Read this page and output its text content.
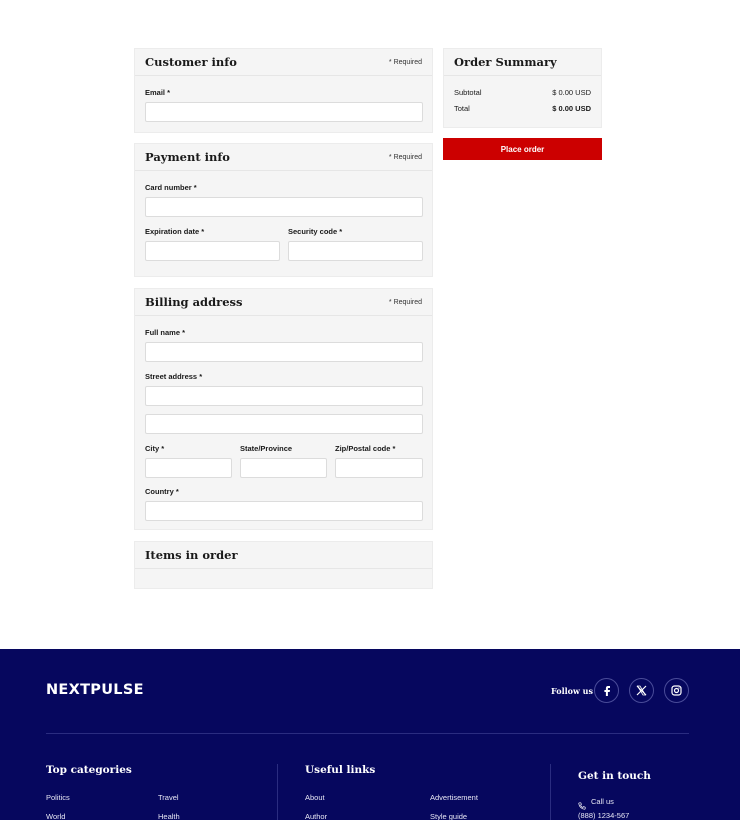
Customer info	* Required
Email *
Payment info	* Required
Card number *
Expiration date *	Security code *
Billing address	* Required
Full name *
Street address *
City *	State/Province	Zip/Postal code *
Country *
Items in order
Order Summary
Subtotal	$ 0.00 USD
Total	$ 0.00 USD
Place order
NEXTPULSE	Follow us
Top categories
Politics	Travel
World	Health
Useful links
About	Advertisement
Author	Style guide
Get in touch
Call us
(888) 1234-567
